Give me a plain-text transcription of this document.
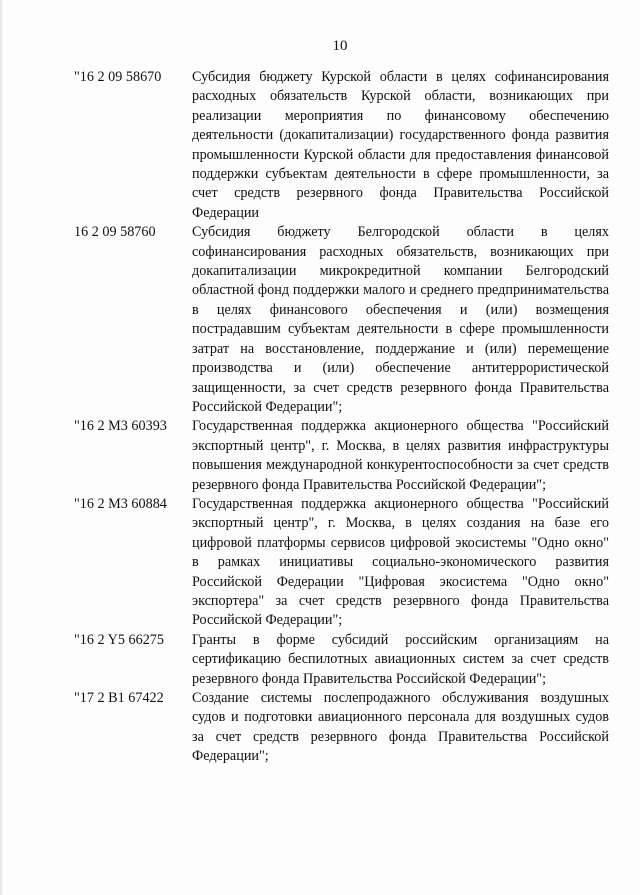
10
"16 2 09 58670	Субсидия бюджету Курской области в целях софинансирования расходных обязательств Курской области, возникающих при реализации мероприятия по финансовому обеспечению деятельности (докапитализации) государственного фонда развития промышленности Курской области для предоставления финансовой поддержки субъектам деятельности в сфере промышленности, за счет средств резервного фонда Правительства Российской Федерации
16 2 09 58760	Субсидия бюджету Белгородской области в целях софинансирования расходных обязательств, возникающих при докапитализации микрокредитной компании Белгородский областной фонд поддержки малого и среднего предпринимательства в целях финансового обеспечения и (или) возмещения пострадавшим субъектам деятельности в сфере промышленности затрат на восстановление, поддержание и (или) перемещение производства и (или) обеспечение антитеррористической защищенности, за счет средств резервного фонда Правительства Российской Федерации";
"16 2 M3 60393	Государственная поддержка акционерного общества "Российский экспортный центр", г. Москва, в целях развития инфраструктуры повышения международной конкурентоспособности за счет средств резервного фонда Правительства Российской Федерации";
"16 2 M3 60884	Государственная поддержка акционерного общества "Российский экспортный центр", г. Москва, в целях создания на базе его цифровой платформы сервисов цифровой экосистемы "Одно окно" в рамках инициативы социально-экономического развития Российской Федерации "Цифровая экосистема "Одно окно" экспортера" за счет средств резервного фонда Правительства Российской Федерации";
"16 2 Y5 66275	Гранты в форме субсидий российским организациям на сертификацию беспилотных авиационных систем за счет средств резервного фонда Правительства Российской Федерации";
"17 2 B1 67422	Создание системы послепродажного обслуживания воздушных судов и подготовки авиационного персонала для воздушных судов за счет средств резервного фонда Правительства Российской Федерации";
